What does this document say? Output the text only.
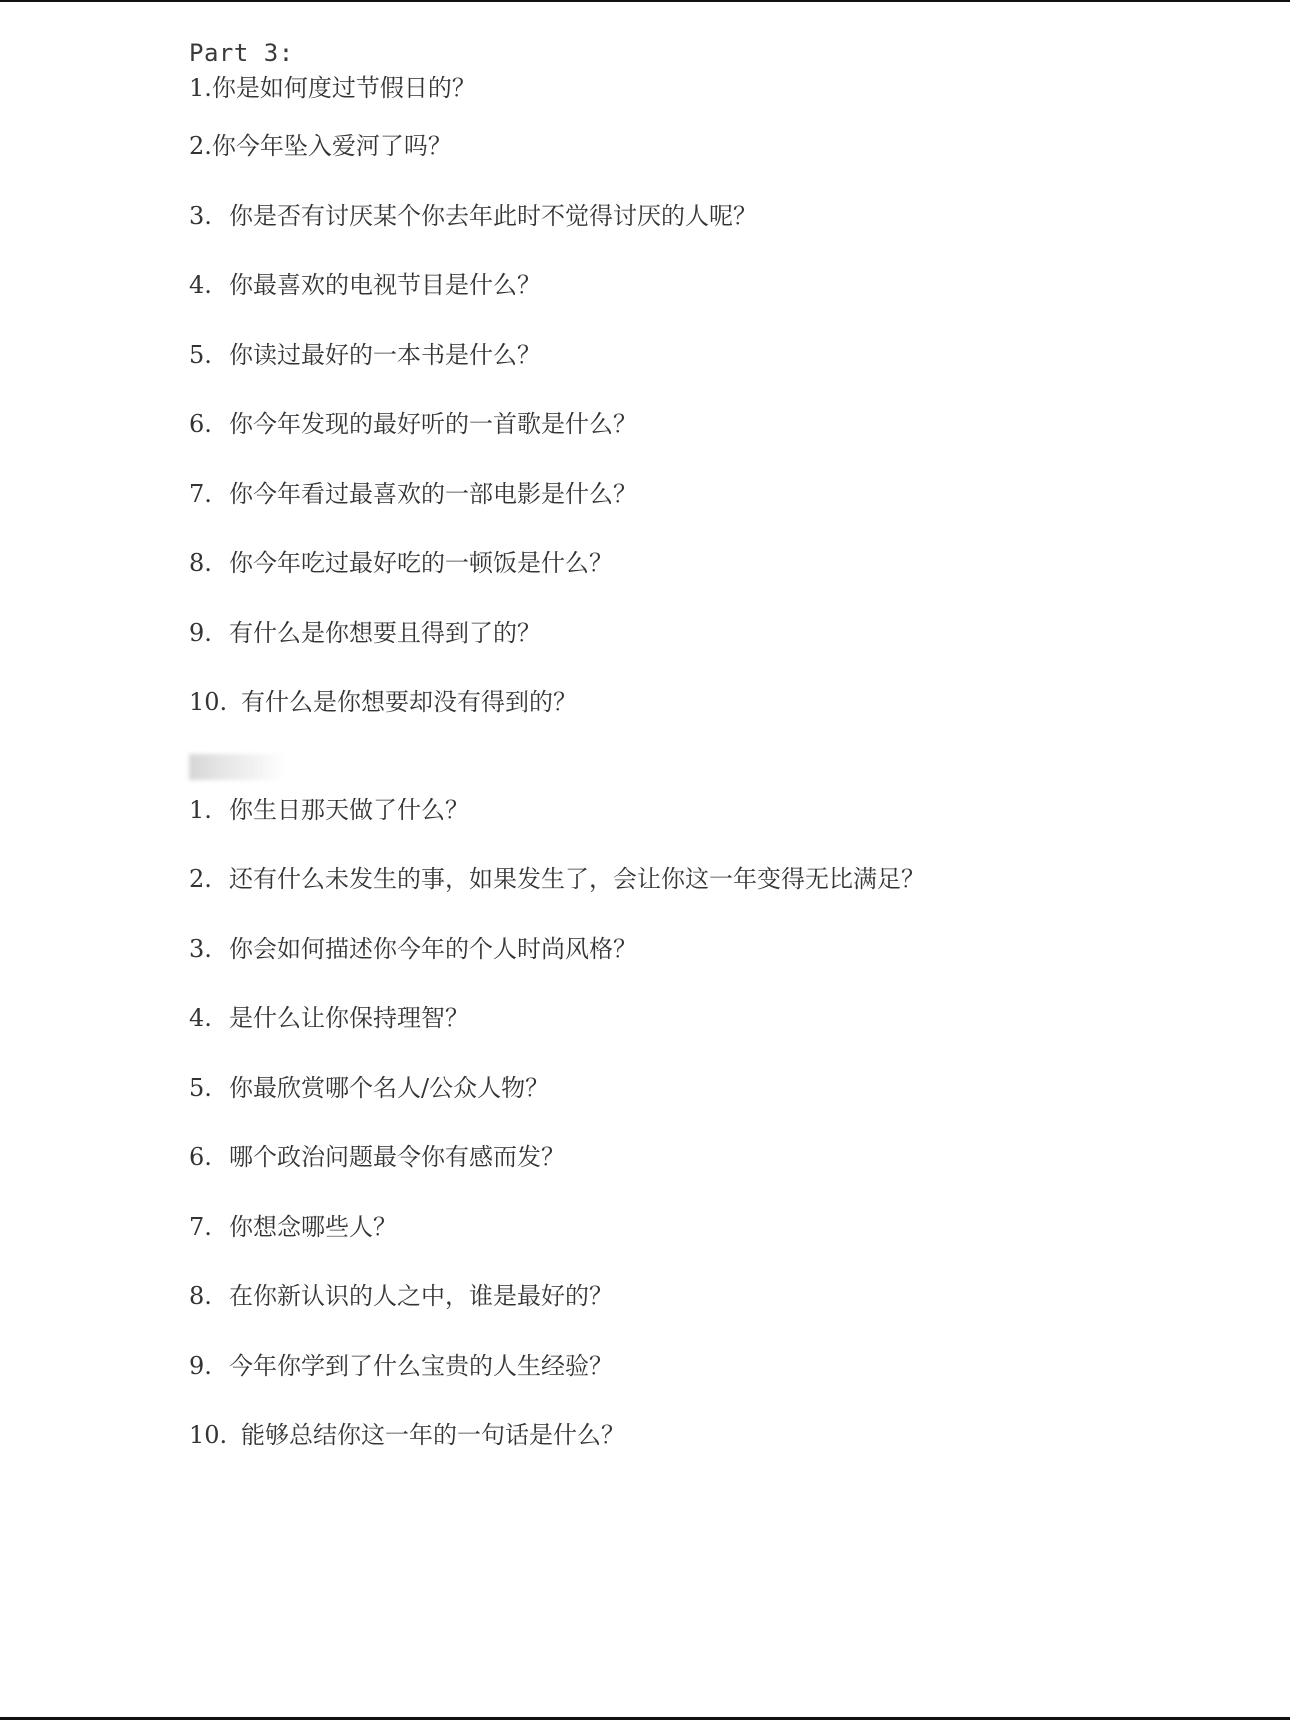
Part 3:
1.你是如何度过节假日的？
2.你今年坠入爱河了吗？
3. 你是否有讨厌某个你去年此时不觉得讨厌的人呢？
4. 你最喜欢的电视节目是什么？
5. 你读过最好的一本书是什么？
6. 你今年发现的最好听的一首歌是什么？
7. 你今年看过最喜欢的一部电影是什么？
8. 你今年吃过最好吃的一顿饭是什么？
9. 有什么是你想要且得到了的？
10. 有什么是你想要却没有得到的？
1. 你生日那天做了什么？
2. 还有什么未发生的事，如果发生了，会让你这一年变得无比满足？
3. 你会如何描述你今年的个人时尚风格？
4. 是什么让你保持理智？
5. 你最欣赏哪个名人/公众人物？
6. 哪个政治问题最令你有感而发？
7. 你想念哪些人？
8. 在你新认识的人之中，谁是最好的？
9. 今年你学到了什么宝贵的人生经验？
10. 能够总结你这一年的一句话是什么？
